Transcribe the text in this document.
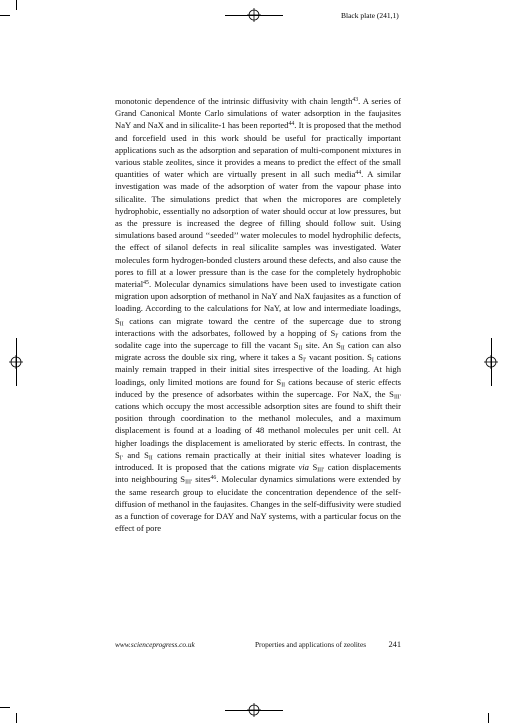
Black plate (241,1)

monotonic dependence of the intrinsic diffusivity with chain length$^{43}$. A series of Grand Canonical Monte Carlo simulations of water adsorption in the faujasites NaY and NaX and in silicalite-1 has been reported$^{44}$. It is proposed that the method and forcefield used in this work should be useful for practically important applications such as the adsorption and separation of multi-component mixtures in various stable zeolites, since it provides a means to predict the effect of the small quantities of water which are virtually present in all such media$^{44}$. A similar investigation was made of the adsorption of water from the vapour phase into silicalite. The simulations predict that when the micropores are completely hydrophobic, essentially no adsorption of water should occur at low pressures, but as the pressure is increased the degree of filling should follow suit. Using simulations based around ‘‘seeded’’ water molecules to model hydrophilic defects, the effect of silanol defects in real silicalite samples was investigated. Water molecules form hydrogen-bonded clusters around these defects, and also cause the pores to fill at a lower pressure than is the case for the completely hydrophobic material$^{45}$. Molecular dynamics simulations have been used to investigate cation migration upon adsorption of methanol in NaY and NaX faujasites as a function of loading. According to the calculations for NaY, at low and intermediate loadings, $S_{II}$ cations can migrate toward the centre of the supercage due to strong interactions with the adsorbates, followed by a hopping of $S_{I'}$ cations from the sodalite cage into the supercage to fill the vacant $S_{II}$ site. An $S_{II}$ cation can also migrate across the double six ring, where it takes a $S_{I'}$ vacant position. $S_I$ cations mainly remain trapped in their initial sites irrespective of the loading. At high loadings, only limited motions are found for $S_{II}$ cations because of steric effects induced by the presence of adsorbates within the supercage. For NaX, the $S_{III'}$ cations which occupy the most accessible adsorption sites are found to shift their position through coordination to the methanol molecules, and a maximum displacement is found at a loading of 48 methanol molecules per unit cell. At higher loadings the displacement is ameliorated by steric effects. In contrast, the $S_{I'}$ and $S_{II}$ cations remain practically at their initial sites whatever loading is introduced. It is proposed that the cations migrate via $S_{III'}$ cation displacements into neighbouring $S_{III'}$ sites$^{46}$. Molecular dynamics simulations were extended by the same research group to elucidate the concentration dependence of the self-diffusion of methanol in the faujasites. Changes in the self-diffusivity were studied as a function of coverage for DAY and NaY systems, with a particular focus on the effect of pore

www.scienceprogress.co.uk	Properties and applications of zeolites	241
